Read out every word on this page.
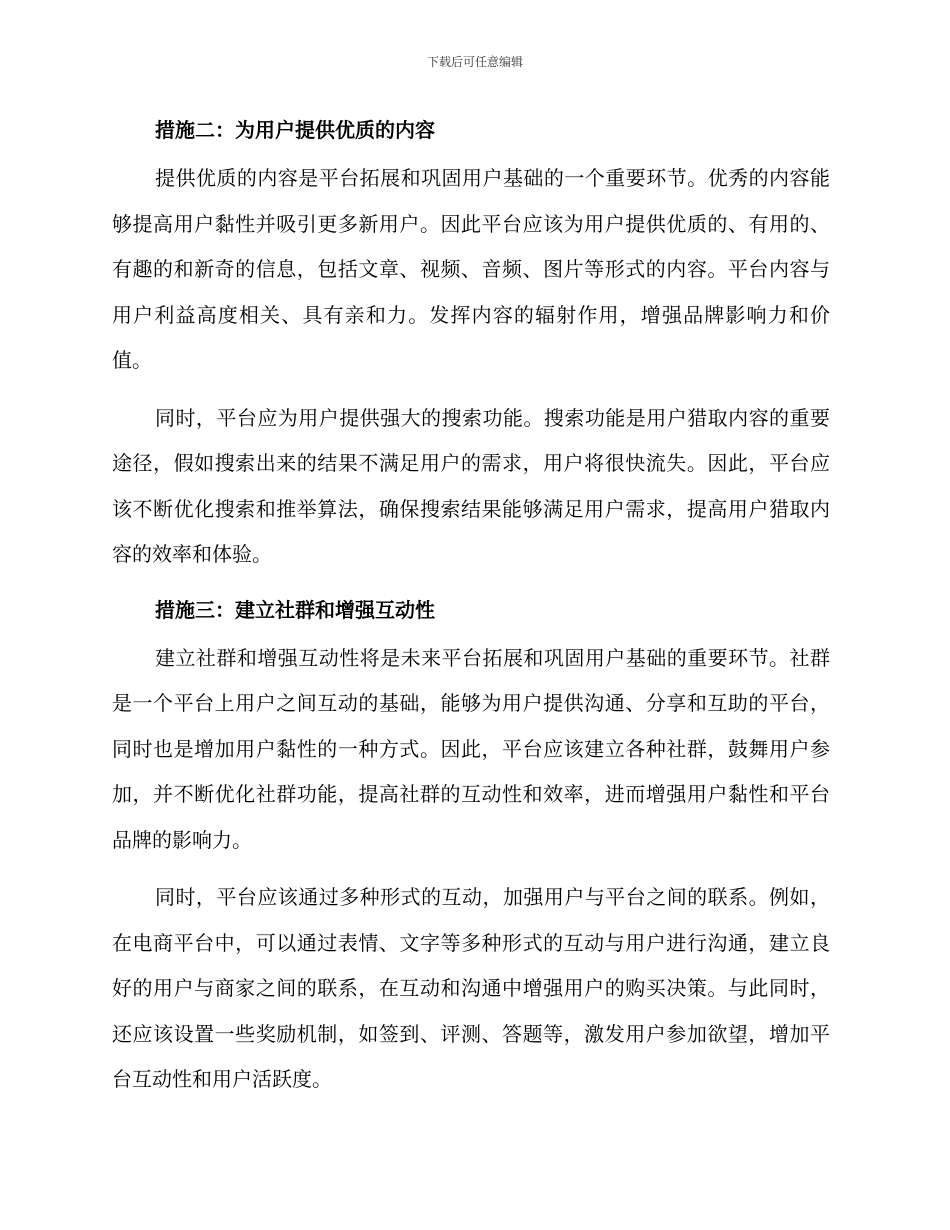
下载后可任意编辑
措施二：为用户提供优质的内容

提供优质的内容是平台拓展和巩固用户基础的一个重要环节。优秀的内容能够提高用户黏性并吸引更多新用户。因此平台应该为用户提供优质的、有用的、有趣的和新奇的信息，包括文章、视频、音频、图片等形式的内容。平台内容与用户利益高度相关、具有亲和力。发挥内容的辐射作用，增强品牌影响力和价值。

同时，平台应为用户提供强大的搜索功能。搜索功能是用户猎取内容的重要途径，假如搜索出来的结果不满足用户的需求，用户将很快流失。因此，平台应该不断优化搜索和推举算法，确保搜索结果能够满足用户需求，提高用户猎取内容的效率和体验。

措施三：建立社群和增强互动性

建立社群和增强互动性将是未来平台拓展和巩固用户基础的重要环节。社群是一个平台上用户之间互动的基础，能够为用户提供沟通、分享和互助的平台，同时也是增加用户黏性的一种方式。因此，平台应该建立各种社群，鼓舞用户参加，并不断优化社群功能，提高社群的互动性和效率，进而增强用户黏性和平台品牌的影响力。

同时，平台应该通过多种形式的互动，加强用户与平台之间的联系。例如，在电商平台中，可以通过表情、文字等多种形式的互动与用户进行沟通，建立良好的用户与商家之间的联系，在互动和沟通中增强用户的购买决策。与此同时，还应该设置一些奖励机制，如签到、评测、答题等，激发用户参加欲望，增加平台互动性和用户活跃度。
